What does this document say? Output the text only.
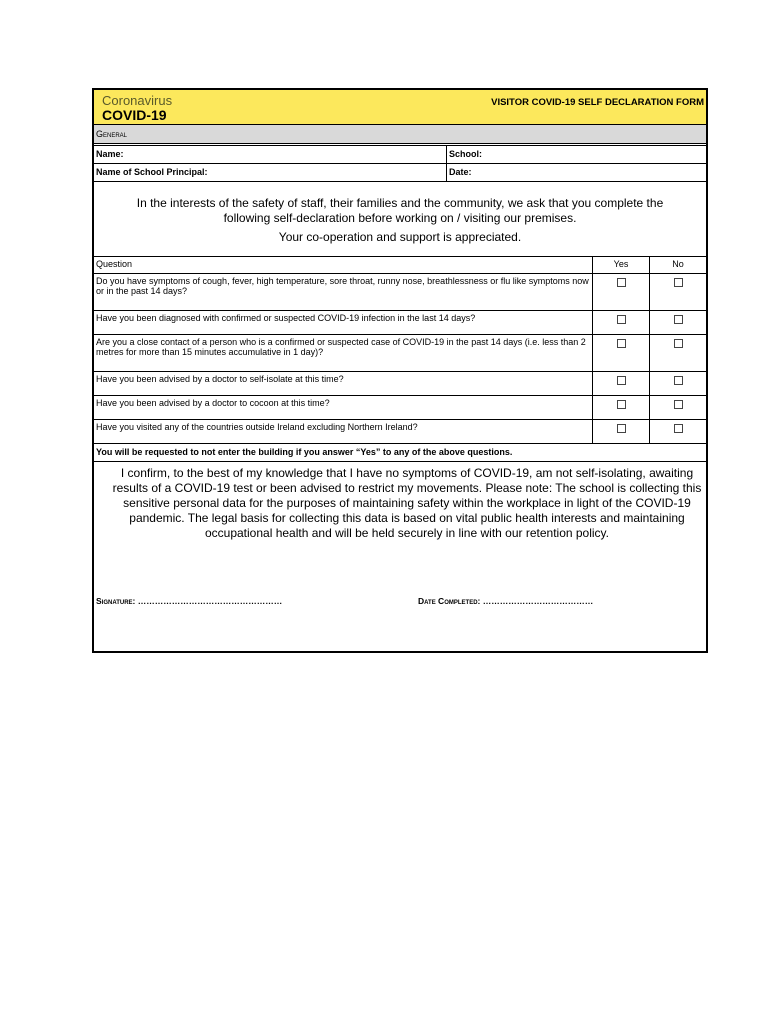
Coronavirus
COVID-19
VISITOR COVID-19 SELF DECLARATION FORM
General
Name:	School:
Name of School Principal:	Date:

In the interests of the safety of staff, their families and the community, we ask that you complete the

following self-declaration before working on / visiting our premises.

Your co-operation and support is appreciated.

Question	Yes	No
Do you have symptoms of cough, fever, high temperature, sore throat, runny nose, breathlessness or flu like symptoms now or in the past 14 days?		
Have you been diagnosed with confirmed or suspected COVID-19 infection in the last 14 days?		
Are you a close contact of a person who is a confirmed or suspected case of COVID-19 in the past 14 days (i.e. less than 2 metres for more than 15 minutes accumulative in 1 day)?		
Have you been advised by a doctor to self-isolate at this time?		
Have you been advised by a doctor to cocoon at this time?		
Have you visited any of the countries outside Ireland excluding Northern Ireland?		
You will be requested to not enter the building if you answer “Yes” to any of the above questions.
I confirm, to the best of my knowledge that I have no symptoms of COVID-19, am not self-isolating, awaiting results of a COVID-19 test or been advised to restrict my movements. Please note: The school is collecting this sensitive personal data for the purposes of maintaining safety within the workplace in light of the COVID-19 pandemic. The legal basis for collecting this data is based on vital public health interests and maintaining occupational health and will be held securely in line with our retention policy.
Signature: ……………………………………………	Date Completed: …………………………………
